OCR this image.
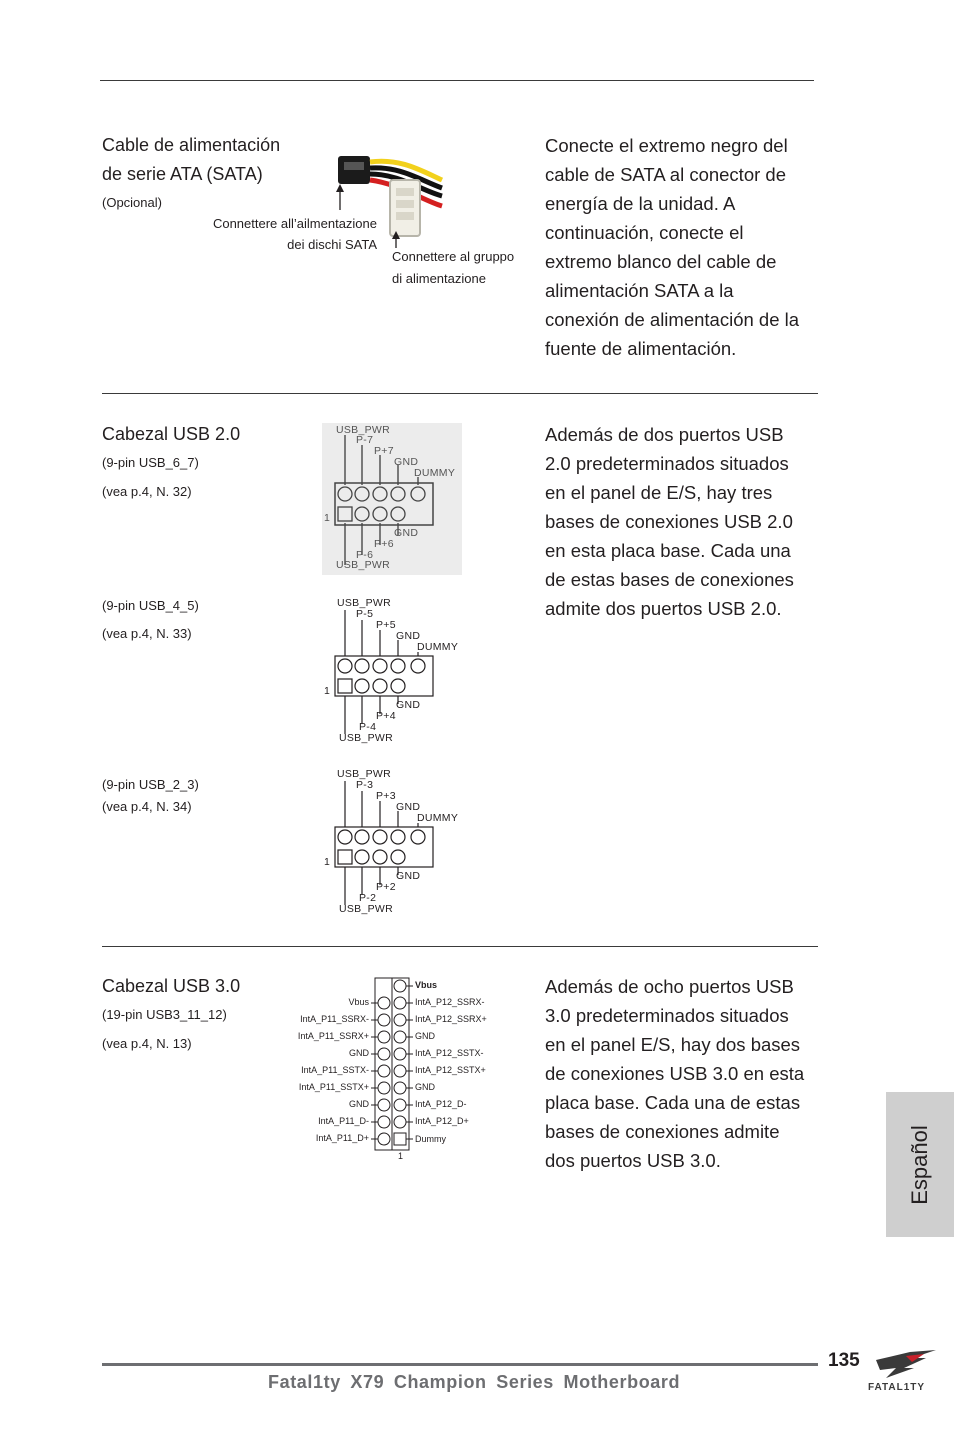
Cable de alimentación
de serie ATA (SATA)
(Opcional)
Connettere all’ailmentazione
dei dischi SATA
Connettere al gruppo
di alimentazione
Conecte el extremo negro del
cable de SATA al conector de
energía de la unidad. A
continuación, conecte el
extremo blanco del cable de
alimentación SATA a la
conexión de alimentación de la
fuente de alimentación.
Cabezal USB 2.0
(9-pin USB_6_7)
(vea p.4, N. 32)
(9-pin USB_4_5)
(vea p.4, N. 33)
(9-pin USB_2_3)
(vea p.4, N. 34)
Además de dos puertos USB
2.0 predeterminados situados
en el panel de E/S, hay tres
bases de conexiones USB 2.0
en esta placa base. Cada una
de estas bases de conexiones
admite dos puertos USB 2.0.
USB_PWR
P-7
P+7
GND
DUMMY
1
GND
P+6
P-6
USB_PWR
USB_PWR
P-5
P+5
GND
DUMMY
1
GND
P+4
P-4
USB_PWR
USB_PWR
P-3
P+3
GND
DUMMY
1
GND
P+2
P-2
USB_PWR
Cabezal USB 3.0
(19-pin USB3_11_12)
(vea p.4, N. 13)
Además de ocho puertos USB
3.0 predeterminados situados
en el panel E/S, hay dos bases
de conexiones USB 3.0 en esta
placa base. Cada una de estas
bases de conexiones admite
dos puertos USB 3.0.
Vbus
IntA_P11_SSRX-
IntA_P11_SSRX+
GND
IntA_P11_SSTX-
IntA_P11_SSTX+
GND
IntA_P11_D-
IntA_P11_D+
Vbus
IntA_P12_SSRX-
IntA_P12_SSRX+
GND
IntA_P12_SSTX-
IntA_P12_SSTX+
GND
IntA_P12_D-
IntA_P12_D+
Dummy
1	Español
135
Fatal1ty X79 Champion Series Motherboard	FATAL1TY
